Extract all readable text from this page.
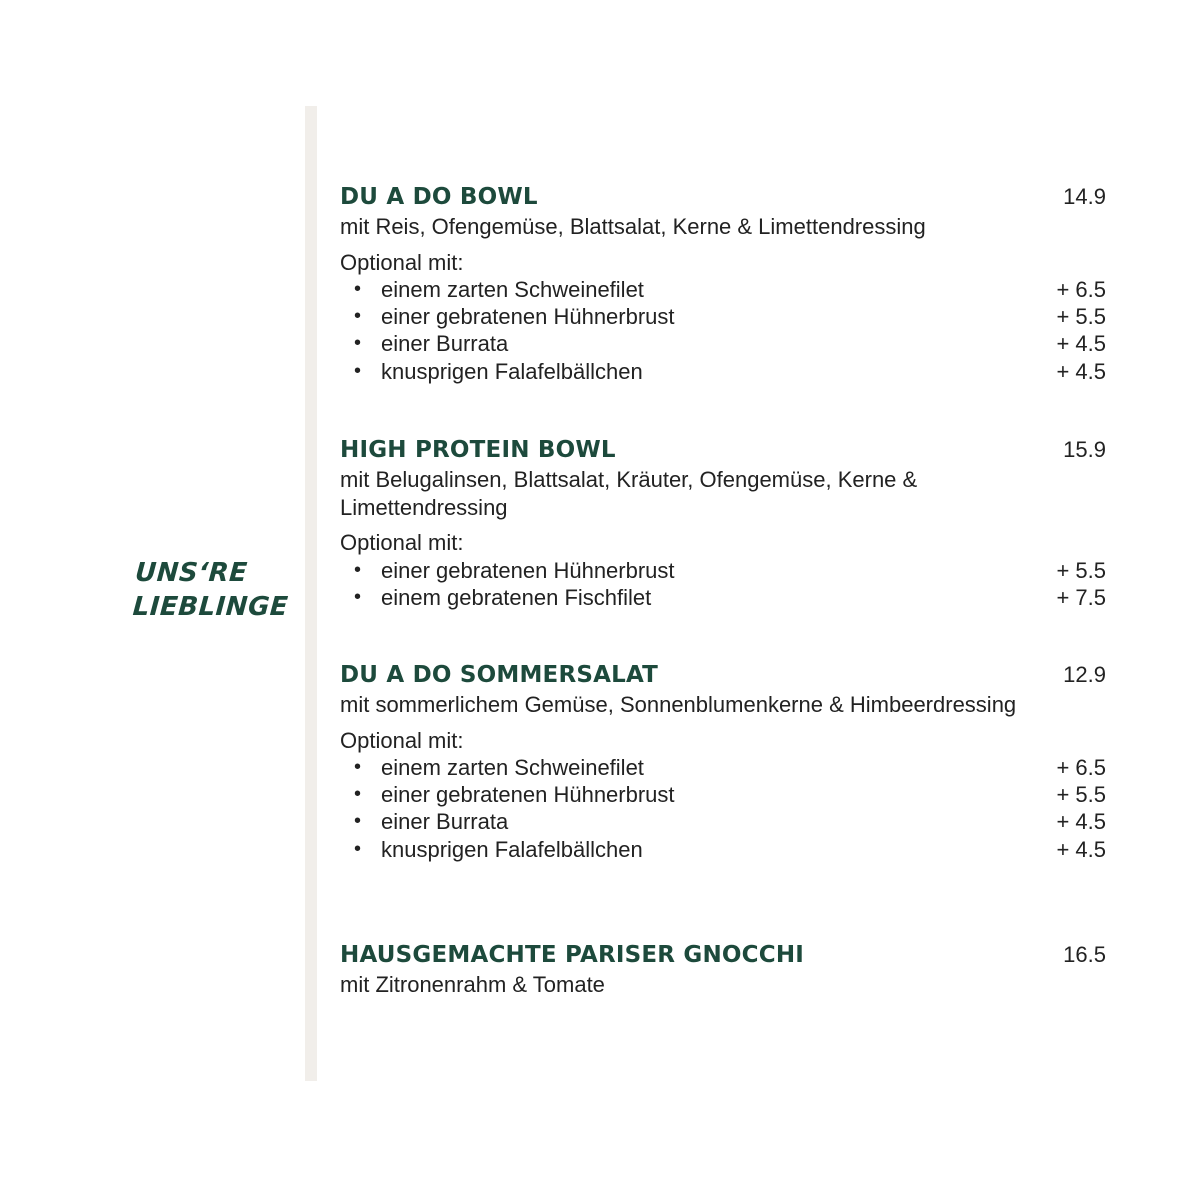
UNS‘RE
LIEBLINGE
DU A DO BOWL	14.9
mit Reis, Ofengemüse, Blattsalat, Kerne & Limettendressing
Optional mit:
• einem zarten Schweinefilet	+ 6.5
• einer gebratenen Hühnerbrust	+ 5.5
• einer Burrata	+ 4.5
• knusprigen Falafelbällchen	+ 4.5
HIGH PROTEIN BOWL	15.9
mit Belugalinsen, Blattsalat, Kräuter, Ofengemüse, Kerne & Limettendressing
Optional mit:
• einer gebratenen Hühnerbrust	+ 5.5
• einem gebratenen Fischfilet	+ 7.5
DU A DO SOMMERSALAT	12.9
mit sommerlichem Gemüse, Sonnenblumenkerne & Himbeerdressing
Optional mit:
• einem zarten Schweinefilet	+ 6.5
• einer gebratenen Hühnerbrust	+ 5.5
• einer Burrata	+ 4.5
• knusprigen Falafelbällchen	+ 4.5
HAUSGEMACHTE PARISER GNOCCHI	16.5
mit Zitronenrahm & Tomate
